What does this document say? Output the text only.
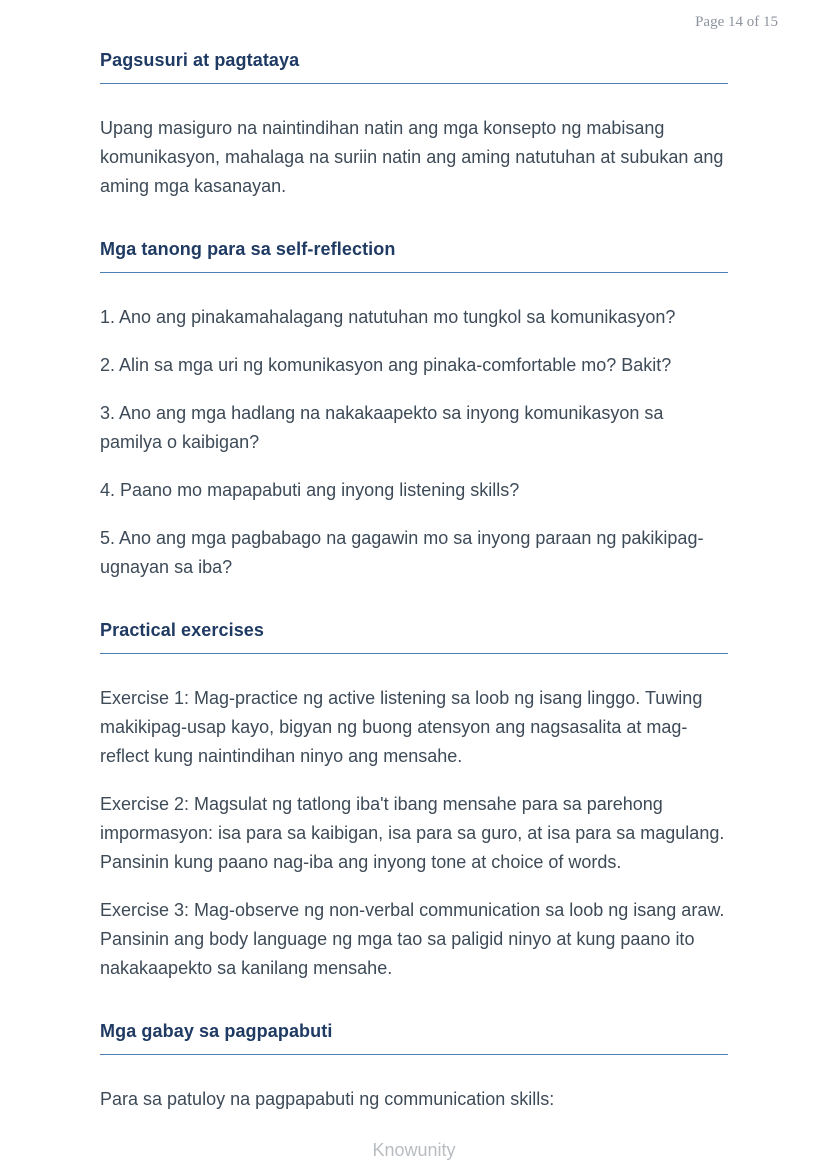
Page 14 of 15
Pagsusuri at pagtataya

Upang masiguro na naintindihan natin ang mga konsepto ng mabisang komunikasyon, mahalaga na suriin natin ang aming natutuhan at subukan ang aming mga kasanayan.

Mga tanong para sa self-reflection

1. Ano ang pinakamahalagang natutuhan mo tungkol sa komunikasyon?

2. Alin sa mga uri ng komunikasyon ang pinaka-comfortable mo? Bakit?

3. Ano ang mga hadlang na nakakaapekto sa inyong komunikasyon sa pamilya o kaibigan?

4. Paano mo mapapabuti ang inyong listening skills?

5. Ano ang mga pagbabago na gagawin mo sa inyong paraan ng pakikipag-ugnayan sa iba?

Practical exercises

Exercise 1: Mag-practice ng active listening sa loob ng isang linggo. Tuwing makikipag-usap kayo, bigyan ng buong atensyon ang nagsasalita at mag-reflect kung naintindihan ninyo ang mensahe.

Exercise 2: Magsulat ng tatlong iba't ibang mensahe para sa parehong impormasyon: isa para sa kaibigan, isa para sa guro, at isa para sa magulang. Pansinin kung paano nag-iba ang inyong tone at choice of words.

Exercise 3: Mag-observe ng non-verbal communication sa loob ng isang araw. Pansinin ang body language ng mga tao sa paligid ninyo at kung paano ito nakakaapekto sa kanilang mensahe.

Mga gabay sa pagpapabuti

Para sa patuloy na pagpapabuti ng communication skills:

Knowunity
